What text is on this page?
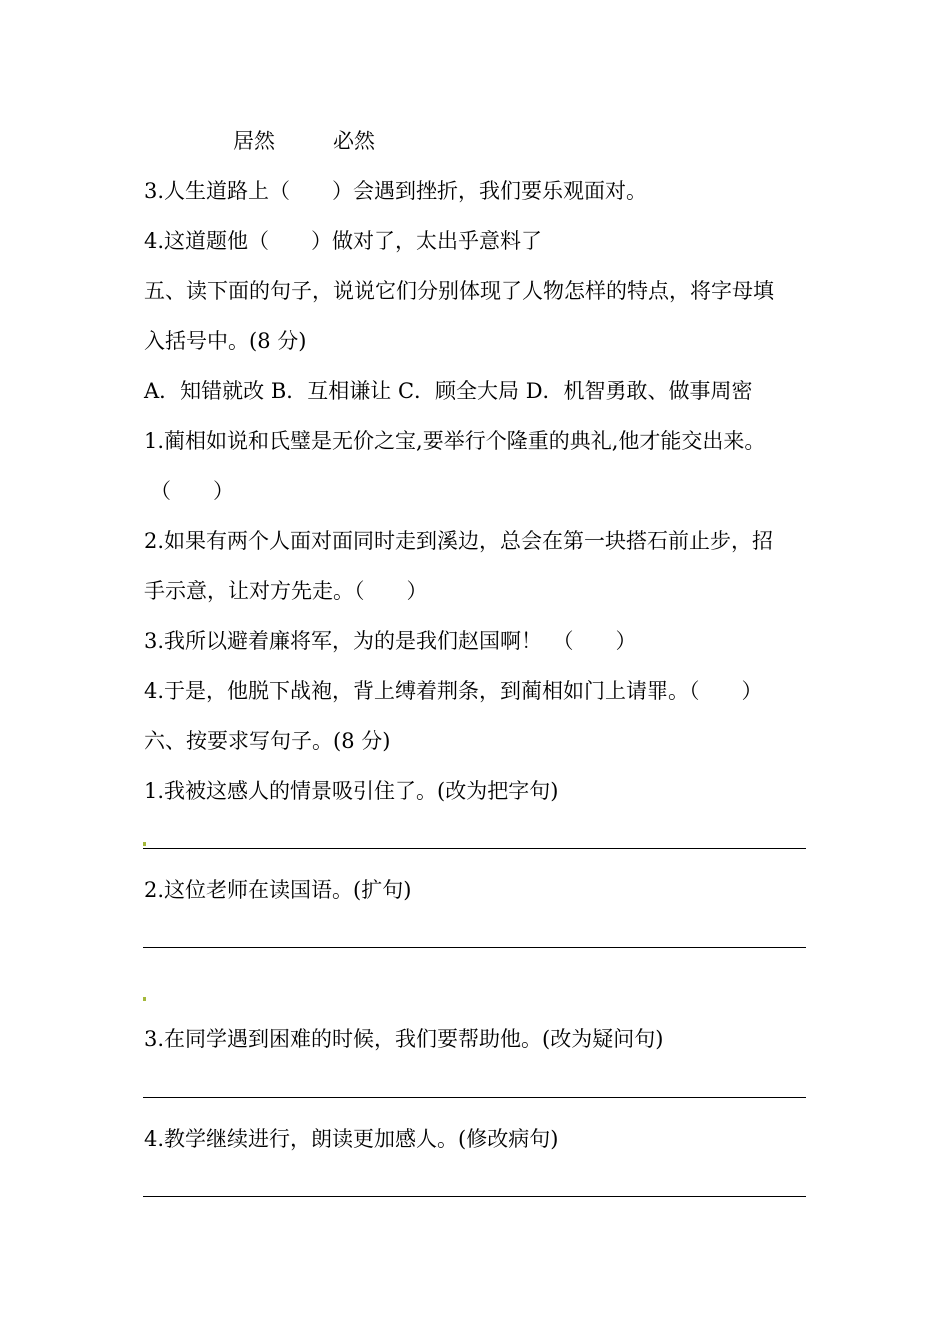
居然	必然
3.人生道路上（　　）会遇到挫折，我们要乐观面对。
4.这道题他（　　）做对了，太出乎意料了
五、读下面的句子，说说它们分别体现了人物怎样的特点，将字母填
入括号中。(8 分)
A．知错就改 B．互相谦让 C．顾全大局 D．机智勇敢、做事周密
1.蔺相如说和氏璧是无价之宝,要举行个隆重的典礼,他才能交出来。
（　　）
2.如果有两个人面对面同时走到溪边，总会在第一块搭石前止步，招
手示意，让对方先走。（　　）
3.我所以避着廉将军，为的是我们赵国啊！　（　　）
4.于是，他脱下战袍，背上缚着荆条，到蔺相如门上请罪。（　　）
六、按要求写句子。(8 分)
1.我被这感人的情景吸引住了。(改为把字句)
2.这位老师在读国语。(扩句)
3.在同学遇到困难的时候，我们要帮助他。(改为疑问句)
4.教学继续进行，朗读更加感人。(修改病句)
